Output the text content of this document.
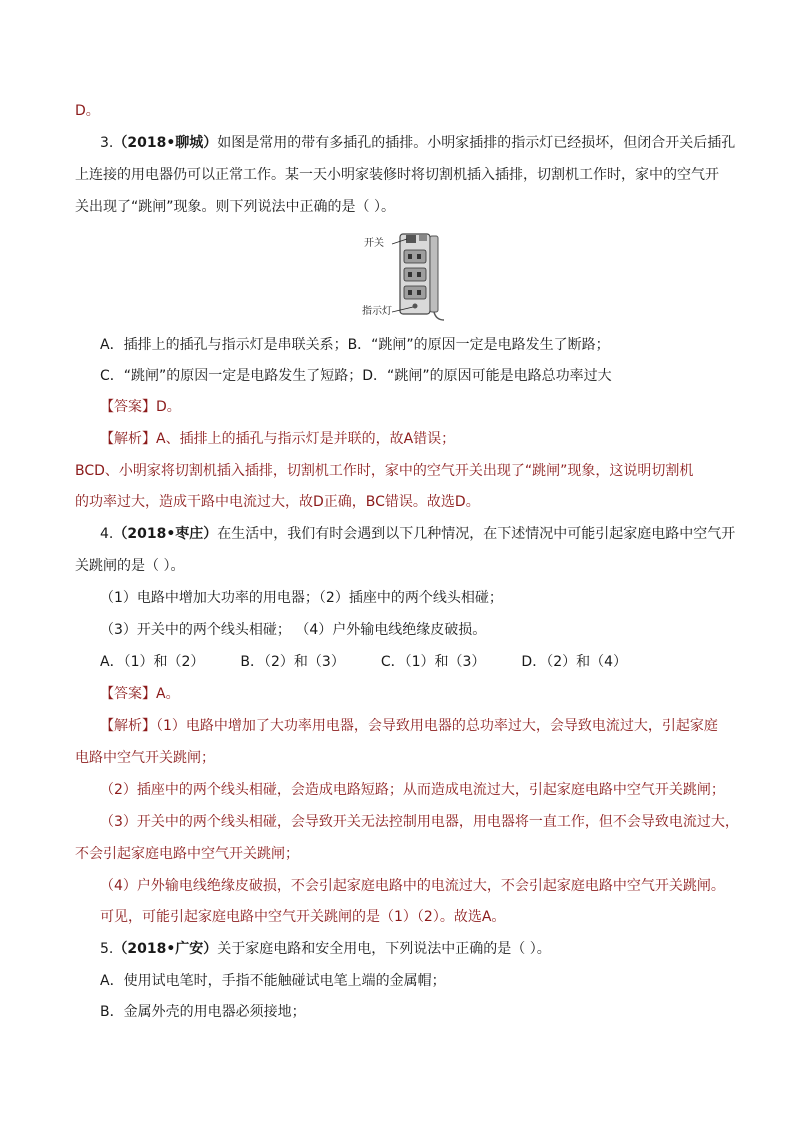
D。
3.（2018•聊城）如图是常用的带有多插孔的插排。小明家插排的指示灯已经损坏，但闭合开关后插孔
上连接的用电器仍可以正常工作。某一天小明家装修时将切割机插入插排，切割机工作时，家中的空气开
关出现了“跳闸”现象。则下列说法中正确的是（ ）。
开关
指示灯
A．插排上的插孔与指示灯是串联关系；B．“跳闸”的原因一定是电路发生了断路；
C．“跳闸”的原因一定是电路发生了短路；D．“跳闸”的原因可能是电路总功率过大
【答案】D。
【解析】A、插排上的插孔与指示灯是并联的，故A错误；
BCD、小明家将切割机插入插排，切割机工作时，家中的空气开关出现了“跳闸”现象，这说明切割机
的功率过大，造成干路中电流过大，故D正确，BC错误。故选D。
4.（2018•枣庄）在生活中，我们有时会遇到以下几种情况，在下述情况中可能引起家庭电路中空气开
关跳闸的是（ ）。
（1）电路中增加大功率的用电器；（2）插座中的两个线头相碰；
（3）开关中的两个线头相碰； （4）户外输电线绝缘皮破损。
A．（1）和（2）	B．（2）和（3）	C．（1）和（3）	D．（2）和（4）
【答案】A。
【解析】（1）电路中增加了大功率用电器，会导致用电器的总功率过大，会导致电流过大，引起家庭
电路中空气开关跳闸；
（2）插座中的两个线头相碰，会造成电路短路；从而造成电流过大，引起家庭电路中空气开关跳闸；
（3）开关中的两个线头相碰，会导致开关无法控制用电器，用电器将一直工作，但不会导致电流过大，
不会引起家庭电路中空气开关跳闸；
（4）户外输电线绝缘皮破损，不会引起家庭电路中的电流过大，不会引起家庭电路中空气开关跳闸。
可见，可能引起家庭电路中空气开关跳闸的是（1）（2）。故选A。
5.（2018•广安）关于家庭电路和安全用电，下列说法中正确的是（ ）。
A．使用试电笔时，手指不能触碰试电笔上端的金属帽；
B．金属外壳的用电器必须接地；
